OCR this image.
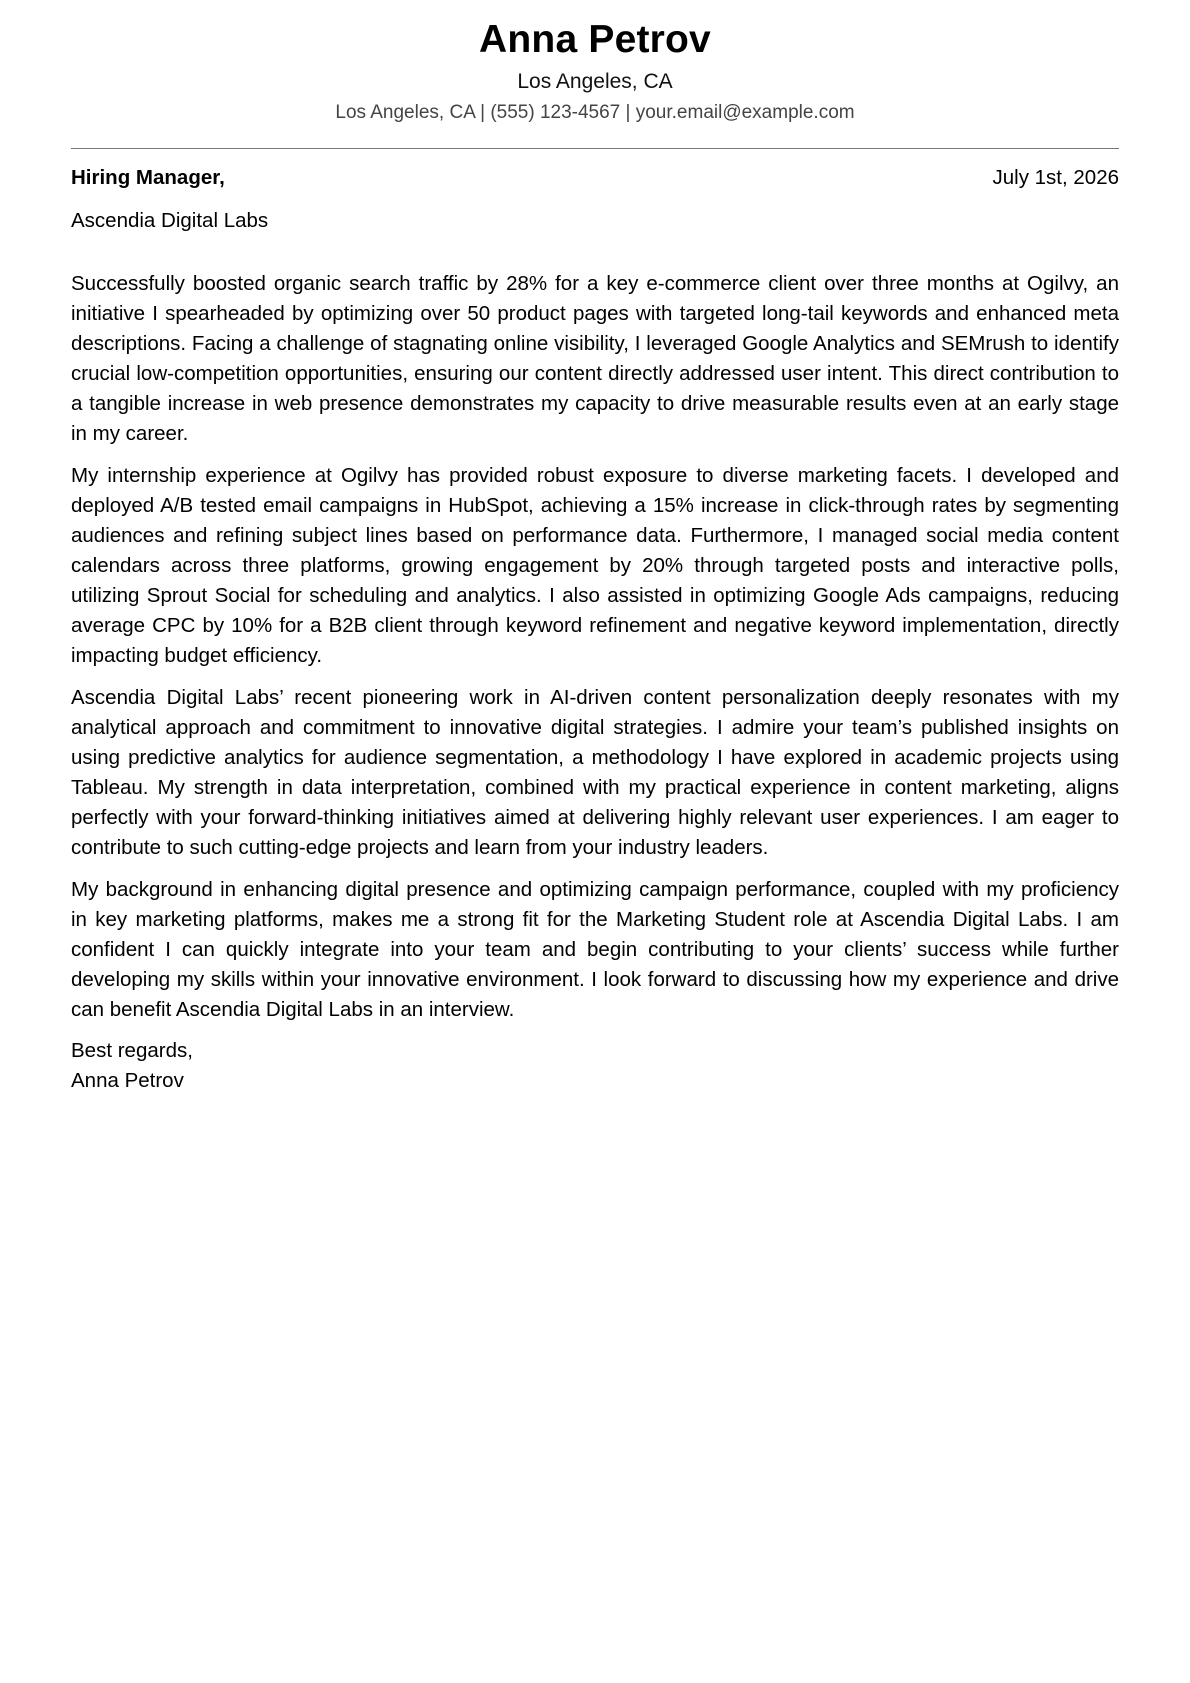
Anna Petrov
Los Angeles, CA
Los Angeles, CA | (555) 123-4567 | your.email@example.com
Hiring Manager,	July 1st, 2026
Ascendia Digital Labs

Successfully boosted organic search traffic by 28% for a key e-commerce client over three months at Ogilvy, an initiative I spearheaded by optimizing over 50 product pages with targeted long-tail keywords and enhanced meta descriptions. Facing a challenge of stagnating online visibility, I leveraged Google Analytics and SEMrush to identify crucial low-competition opportunities, ensuring our content directly addressed user intent. This direct contribution to a tangible increase in web presence demonstrates my capacity to drive measurable results even at an early stage in my career.

My internship experience at Ogilvy has provided robust exposure to diverse marketing facets. I developed and deployed A/B tested email campaigns in HubSpot, achieving a 15% increase in click-through rates by segmenting audiences and refining subject lines based on performance data. Furthermore, I managed social media content calendars across three platforms, growing engagement by 20% through targeted posts and interactive polls, utilizing Sprout Social for scheduling and analytics. I also assisted in optimizing Google Ads campaigns, reducing average CPC by 10% for a B2B client through keyword refinement and negative keyword implementation, directly impacting budget efficiency.

Ascendia Digital Labs’ recent pioneering work in AI-driven content personalization deeply resonates with my analytical approach and commitment to innovative digital strategies. I admire your team’s published insights on using predictive analytics for audience segmentation, a methodology I have explored in academic projects using Tableau. My strength in data interpretation, combined with my practical experience in content marketing, aligns perfectly with your forward-thinking initiatives aimed at delivering highly relevant user experiences. I am eager to contribute to such cutting-edge projects and learn from your industry leaders.

My background in enhancing digital presence and optimizing campaign performance, coupled with my proficiency in key marketing platforms, makes me a strong fit for the Marketing Student role at Ascendia Digital Labs. I am confident I can quickly integrate into your team and begin contributing to your clients’ success while further developing my skills within your innovative environment. I look forward to discussing how my experience and drive can benefit Ascendia Digital Labs in an interview.

Best regards,
Anna Petrov
